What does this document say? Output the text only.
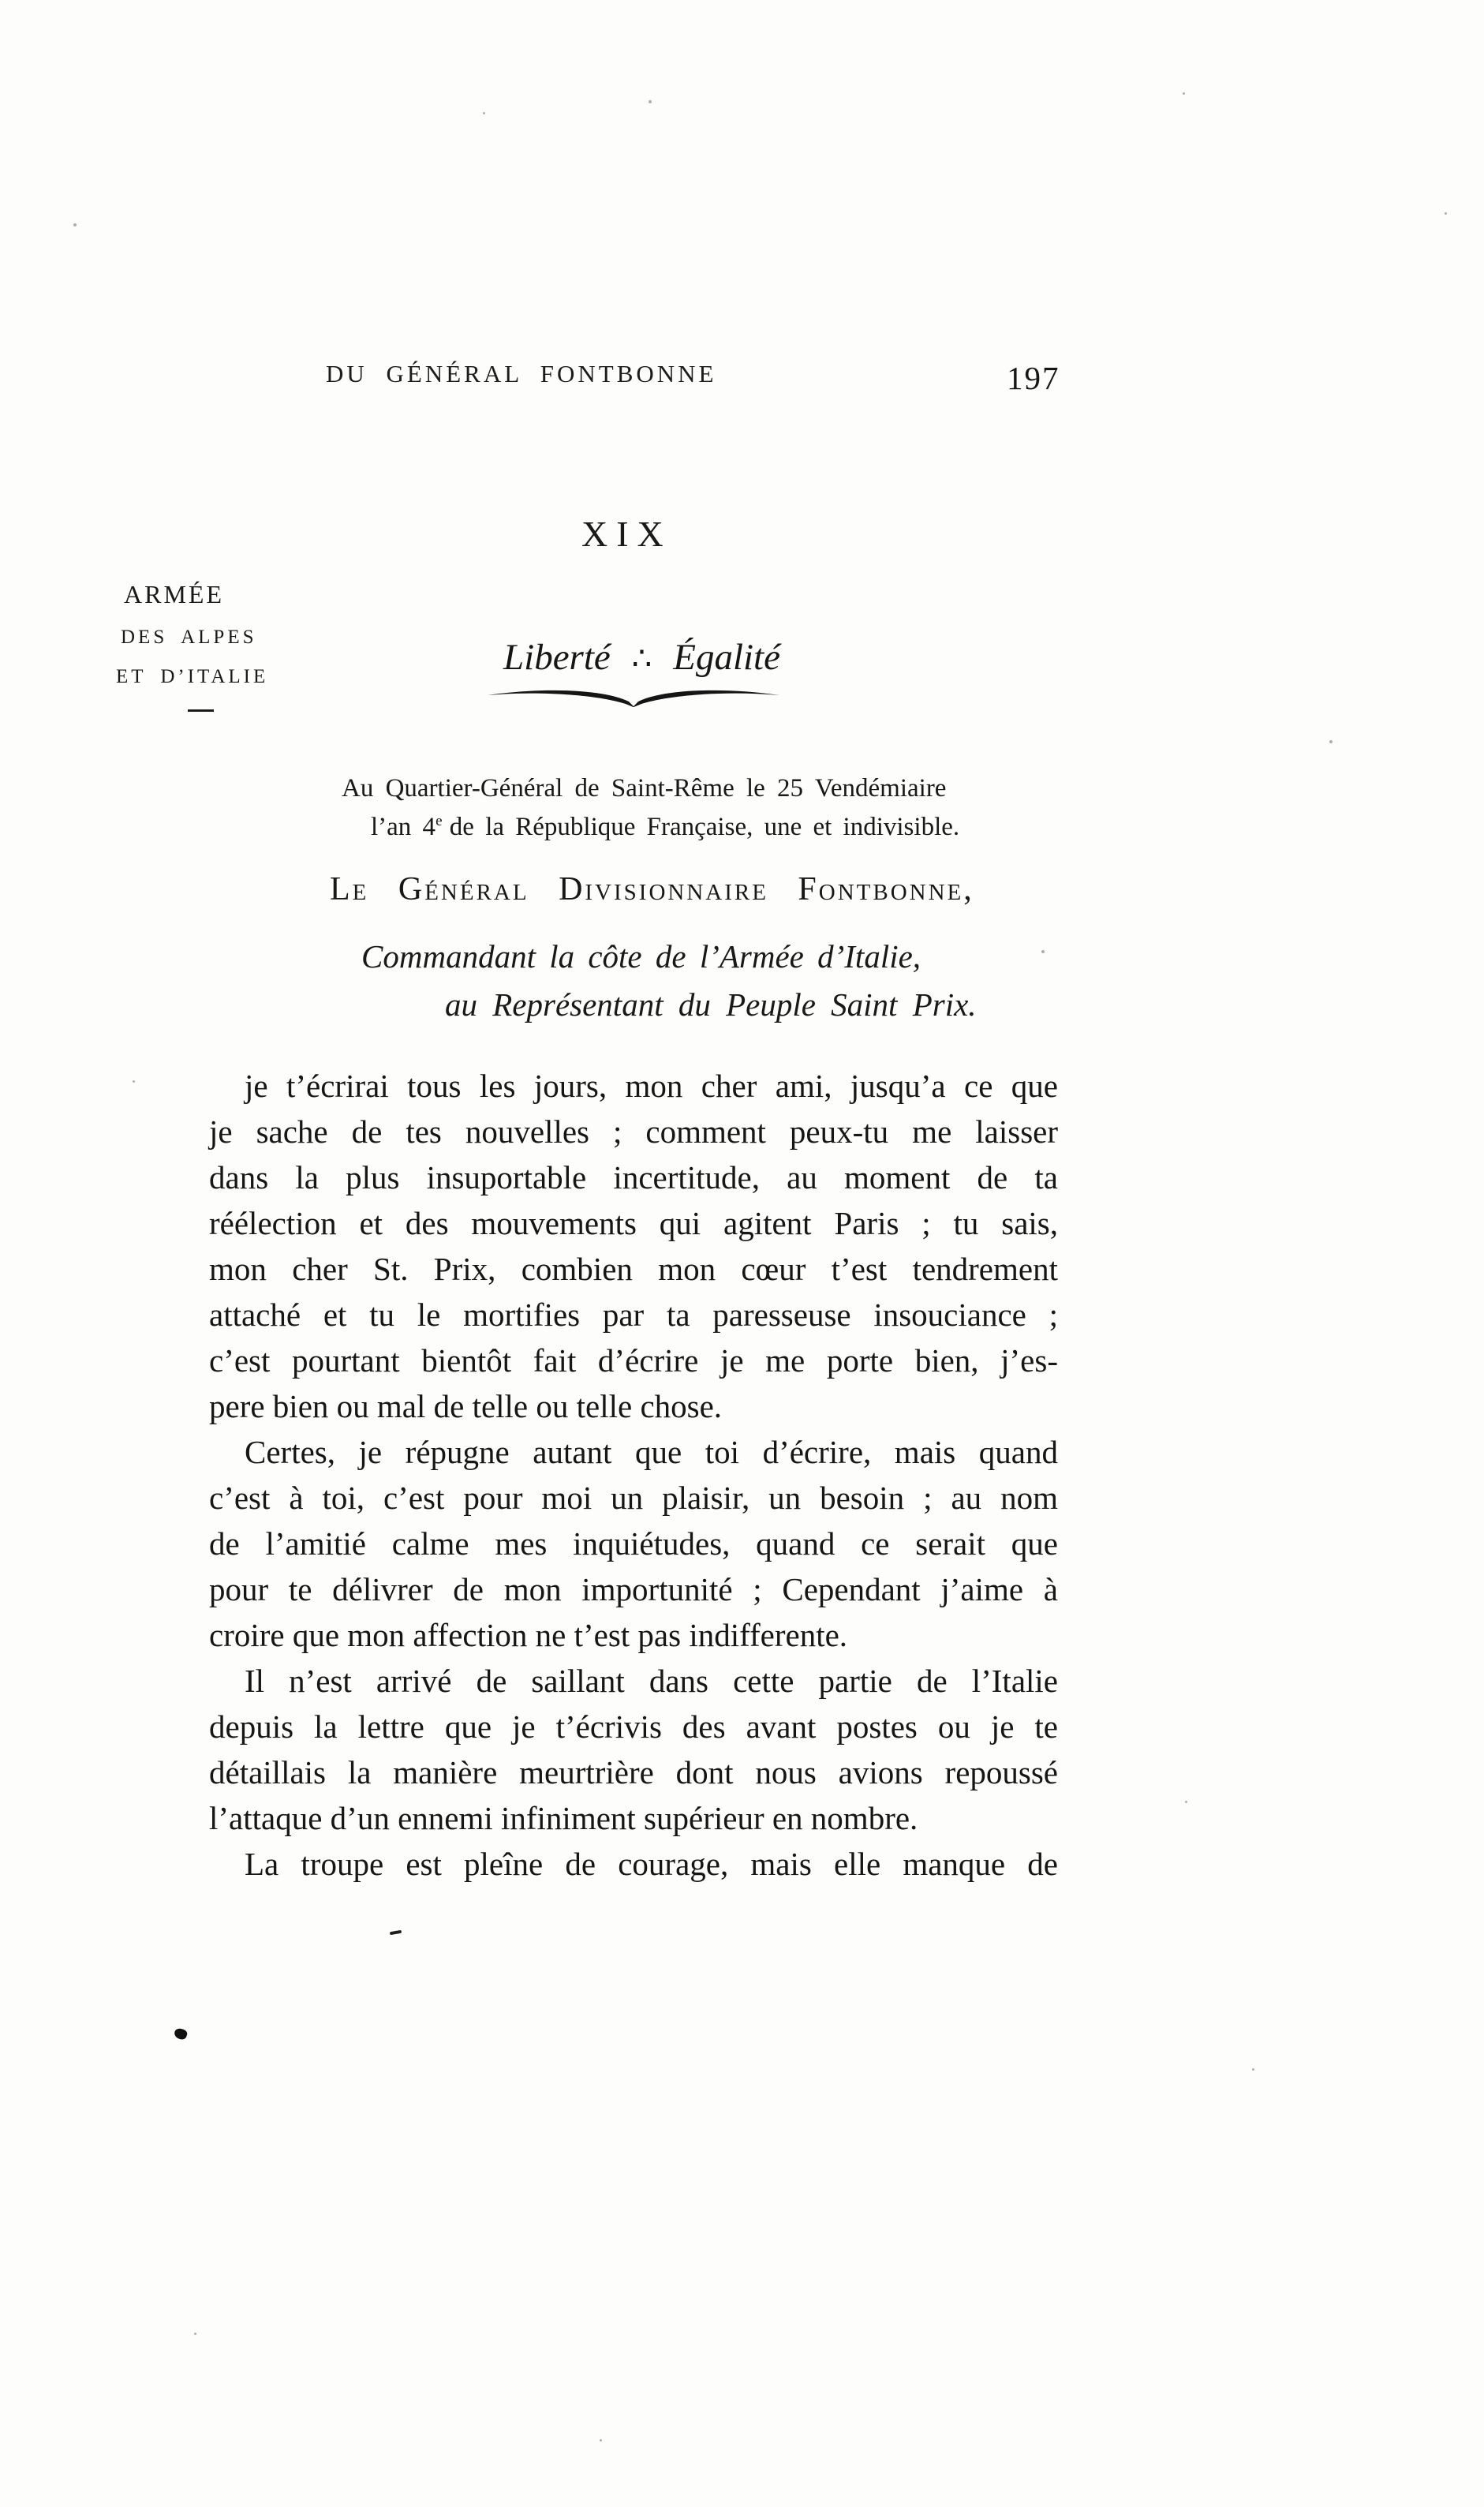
DU GÉNÉRAL FONTBONNE	197
XIX
ARMÉE
DES ALPES
ET D’ITALIE	Liberté ∴ Égalité
Au Quartier-Général de Saint-Rême le 25 Vendémiaire
l’an 4e de la République Française, une et indivisible.
Le Général Divisionnaire Fontbonne,
Commandant la côte de l’Armée d’Italie,
au Représentant du Peuple Saint Prix.
je t’écrirai tous les jours, mon cher ami, jusqu’a ce que
je sache de tes nouvelles ; comment peux-tu me laisser
dans la plus insuportable incertitude, au moment de ta
réélection et des mouvements qui agitent Paris ; tu sais,
mon cher St. Prix, combien mon cœur t’est tendrement
attaché et tu le mortifies par ta paresseuse insouciance ;
c’est pourtant bientôt fait d’écrire je me porte bien, j’es-
pere bien ou mal de telle ou telle chose.
Certes, je répugne autant que toi d’écrire, mais quand
c’est à toi, c’est pour moi un plaisir, un besoin ; au nom
de l’amitié calme mes inquiétudes, quand ce serait que
pour te délivrer de mon importunité ; Cependant j’aime à
croire que mon affection ne t’est pas indifferente.
Il n’est arrivé de saillant dans cette partie de l’Italie
depuis la lettre que je t’écrivis des avant postes ou je te
détaillais la manière meurtrière dont nous avions repoussé
l’attaque d’un ennemi infiniment supérieur en nombre.
La troupe est pleîne de courage, mais elle manque de
